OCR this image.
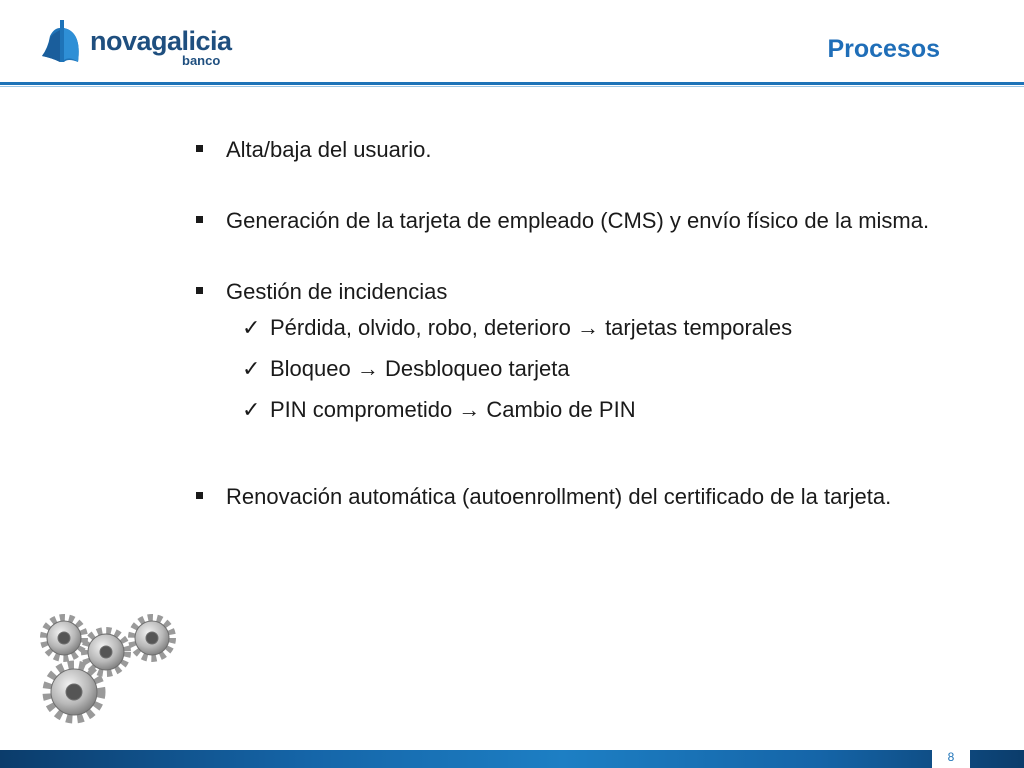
novagalicia
banco	Procesos
Alta/baja del usuario.
Generación de la tarjeta de empleado (CMS) y envío físico de la misma.
Gestión de incidencias
✓ Pérdida, olvido, robo, deterioro → tarjetas temporales
✓ Bloqueo → Desbloqueo tarjeta
✓ PIN comprometido → Cambio de PIN
Renovación automática (autoenrollment) del certificado de la tarjeta.
8
